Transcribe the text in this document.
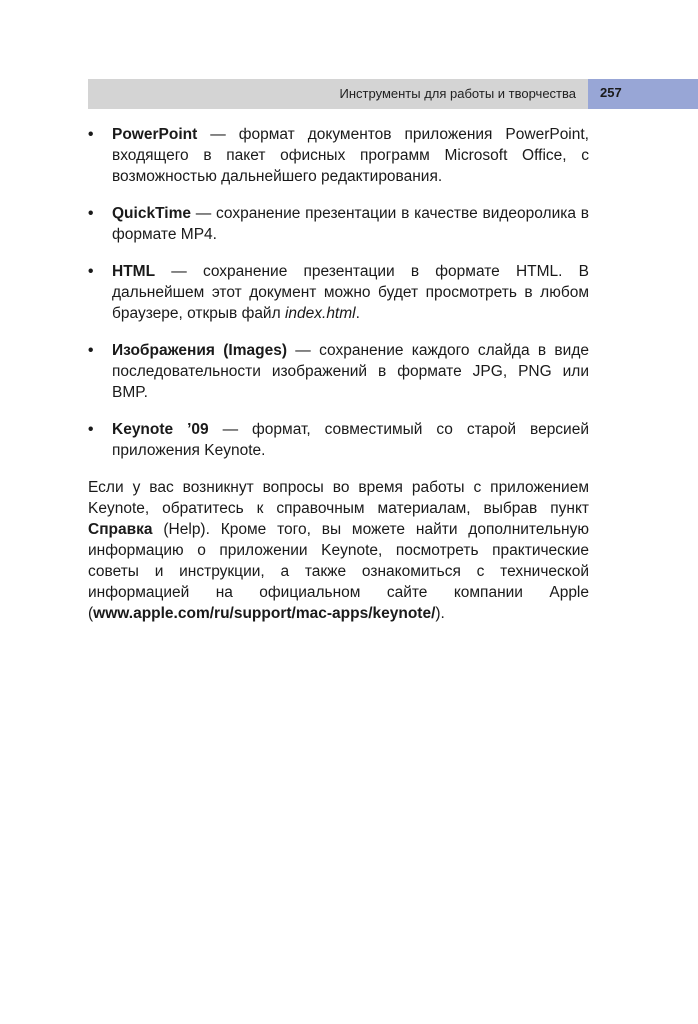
Инструменты для работы и творчества 257
• PowerPoint — формат документов приложения PowerPoint, входящего в пакет офисных программ Microsoft Office, с возможностью дальнейшего редактирования.
• QuickTime — сохранение презентации в качестве видеоролика в формате MP4.
• HTML — сохранение презентации в формате HTML. В дальнейшем этот документ можно будет просмотреть в любом браузере, открыв файл index.html.
• Изображения (Images) — сохранение каждого слайда в виде последовательности изображений в формате JPG, PNG или BMP.
• Keynote ’09 — формат, совместимый со старой версией приложения Keynote.

Если у вас возникнут вопросы во время работы с приложением Keynote, обратитесь к справочным материалам, выбрав пункт Справка (Help). Кроме того, вы можете найти дополнительную информацию о приложении Keynote, посмотреть практические советы и инструкции, а также ознакомиться с технической информацией на официальном сайте компании Apple (www.apple.com/ru/support/mac-apps/keynote/).
